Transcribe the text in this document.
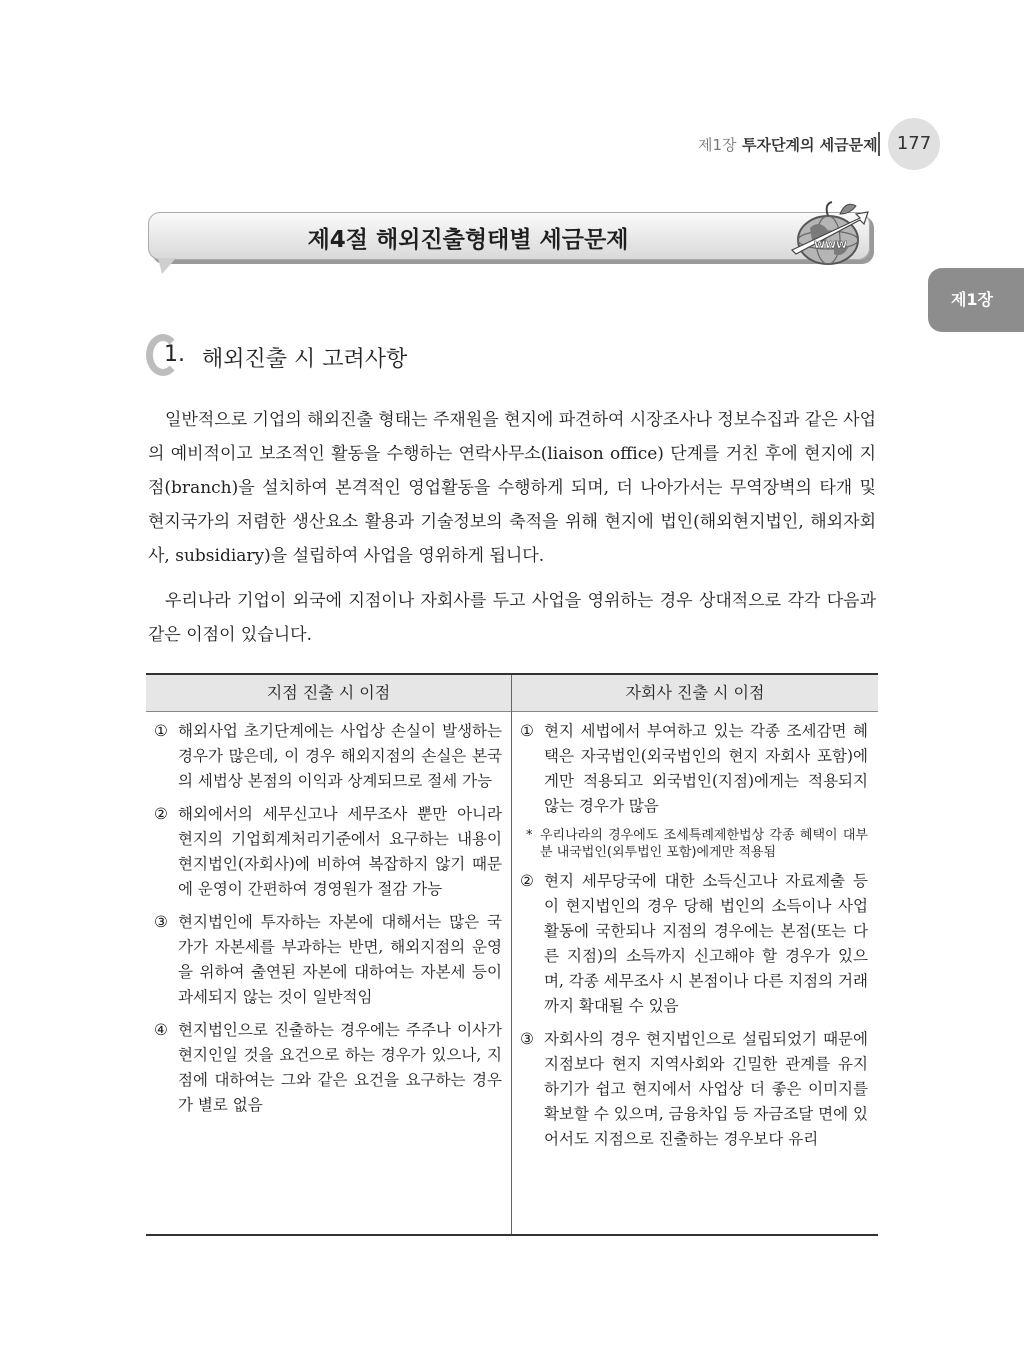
제1장 투자단계의 세금문제	177
제1장
제4절 해외진출형태별 세금문제	WWW
1. 해외진출 시 고려사항

일반적으로 기업의 해외진출 형태는 주재원을 현지에 파견하여 시장조사나 정보수집과 같은 사업의 예비적이고 보조적인 활동을 수행하는 연락사무소(liaison office) 단계를 거친 후에 현지에 지점(branch)을 설치하여 본격적인 영업활동을 수행하게 되며, 더 나아가서는 무역장벽의 타개 및 현지국가의 저렴한 생산요소 활용과 기술정보의 축적을 위해 현지에 법인(해외현지법인, 해외자회사, subsidiary)을 설립하여 사업을 영위하게 됩니다.

우리나라 기업이 외국에 지점이나 자회사를 두고 사업을 영위하는 경우 상대적으로 각각 다음과 같은 이점이 있습니다.

지점 진출 시 이점	자회사 진출 시 이점
① 해외사업 초기단계에는 사업상 손실이 발생하는 경우가 많은데, 이 경우 해외지점의 손실은 본국의 세법상 본점의 이익과 상계되므로 절세 가능
② 해외에서의 세무신고나 세무조사 뿐만 아니라 현지의 기업회계처리기준에서 요구하는 내용이 현지법인(자회사)에 비하여 복잡하지 않기 때문에 운영이 간편하여 경영원가 절감 가능
③ 현지법인에 투자하는 자본에 대해서는 많은 국가가 자본세를 부과하는 반면, 해외지점의 운영을 위하여 출연된 자본에 대하여는 자본세 등이 과세되지 않는 것이 일반적임
④ 현지법인으로 진출하는 경우에는 주주나 이사가 현지인일 것을 요건으로 하는 경우가 있으나, 지점에 대하여는 그와 같은 요건을 요구하는 경우가 별로 없음
① 현지 세법에서 부여하고 있는 각종 조세감면 혜택은 자국법인(외국법인의 현지 자회사 포함)에게만 적용되고 외국법인(지점)에게는 적용되지 않는 경우가 많음
* 우리나라의 경우에도 조세특례제한법상 각종 혜택이 대부분 내국법인(외투법인 포함)에게만 적용됨
② 현지 세무당국에 대한 소득신고나 자료제출 등이 현지법인의 경우 당해 법인의 소득이나 사업 활동에 국한되나 지점의 경우에는 본점(또는 다른 지점)의 소득까지 신고해야 할 경우가 있으며, 각종 세무조사 시 본점이나 다른 지점의 거래까지 확대될 수 있음
③ 자회사의 경우 현지법인으로 설립되었기 때문에 지점보다 현지 지역사회와 긴밀한 관계를 유지하기가 쉽고 현지에서 사업상 더 좋은 이미지를 확보할 수 있으며, 금융차입 등 자금조달 면에 있어서도 지점으로 진출하는 경우보다 유리
